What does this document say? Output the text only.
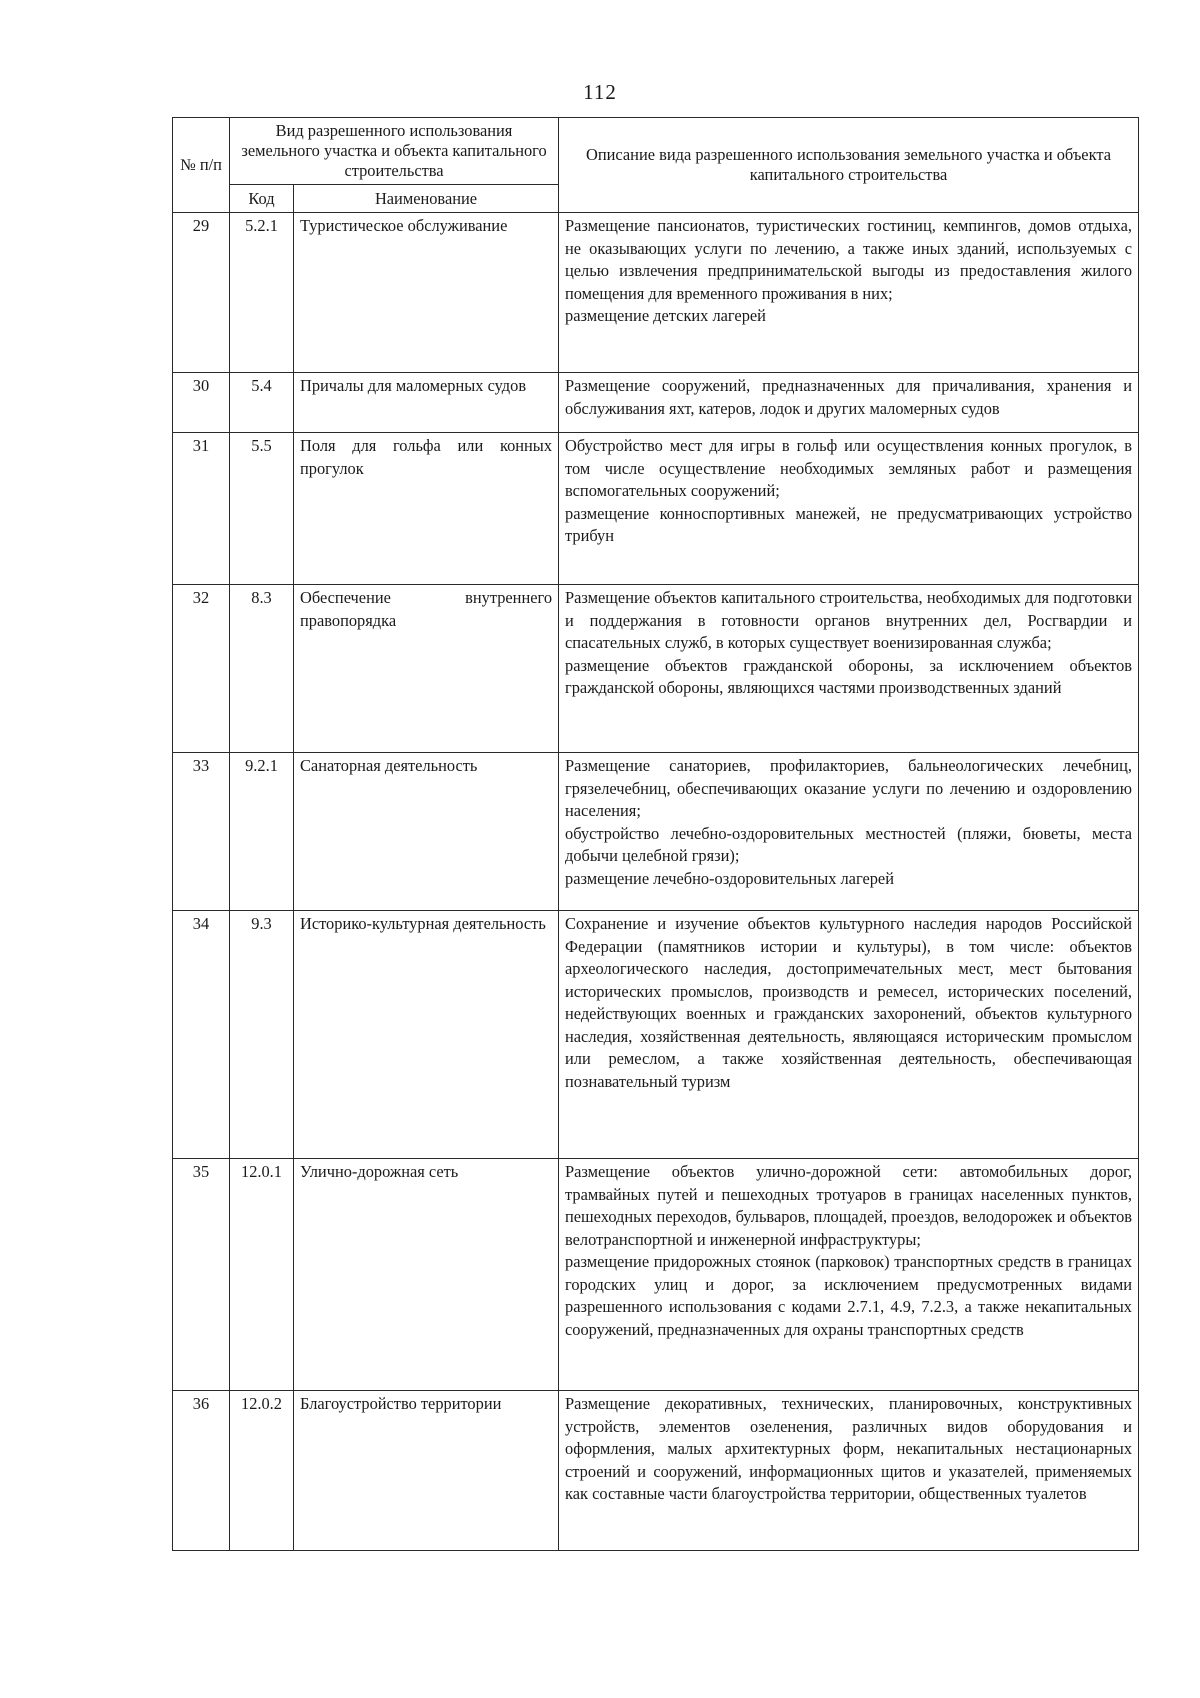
112
№ п/п	Вид разрешенного использования земельного участка и объекта капитального строительства		Описание вида разрешенного использования земельного участка и объекта капитального строительства
	Код	Наименование	
29	5.2.1	Туристическое обслуживание	Размещение пансионатов, туристических гостиниц, кемпингов, домов отдыха, не оказывающих услуги по лечению, а также иных зданий, используемых с целью извлечения предпринимательской выгоды из предоставления жилого помещения для временного проживания в них;
размещение детских лагерей

30	5.4	Причалы для маломерных судов	Размещение сооружений, предназначенных для причаливания, хранения и обслуживания яхт, катеров, лодок и других маломерных судов

31	5.5	Поля для гольфа или конных прогулок	Обустройство мест для игры в гольф или осуществления конных прогулок, в том числе осуществление необходимых земляных работ и размещения вспомогательных сооружений;
размещение конноспортивных манежей, не предусматривающих устройство трибун

32	8.3	Обеспечение внутреннего правопорядка	Размещение объектов капитального строительства, необходимых для подготовки и поддержания в готовности органов внутренних дел, Росгвардии и спасательных служб, в которых существует военизированная служба;
размещение объектов гражданской обороны, за исключением объектов гражданской обороны, являющихся частями производственных зданий

33	9.2.1	Санаторная деятельность	Размещение санаториев, профилакториев, бальнеологических лечебниц, грязелечебниц, обеспечивающих оказание услуги по лечению и оздоровлению населения;
обустройство лечебно-оздоровительных местностей (пляжи, бюветы, места добычи целебной грязи);
размещение лечебно-оздоровительных лагерей

34	9.3	Историко-культурная деятельность	Сохранение и изучение объектов культурного наследия народов Российской Федерации (памятников истории и культуры), в том числе: объектов археологического наследия, достопримечательных мест, мест бытования исторических промыслов, производств и ремесел, исторических поселений, недействующих военных и гражданских захоронений, объектов культурного наследия, хозяйственная деятельность, являющаяся историческим промыслом или ремеслом, а также хозяйственная деятельность, обеспечивающая познавательный туризм

35	12.0.1	Улично-дорожная сеть	Размещение объектов улично-дорожной сети: автомобильных дорог, трамвайных путей и пешеходных тротуаров в границах населенных пунктов, пешеходных переходов, бульваров, площадей, проездов, велодорожек и объектов велотранспортной и инженерной инфраструктуры;
размещение придорожных стоянок (парковок) транспортных средств в границах городских улиц и дорог, за исключением предусмотренных видами разрешенного использования с кодами 2.7.1, 4.9, 7.2.3, а также некапитальных сооружений, предназначенных для охраны транспортных средств

36	12.0.2	Благоустройство территории	Размещение декоративных, технических, планировочных, конструктивных устройств, элементов озеленения, различных видов оборудования и оформления, малых архитектурных форм, некапитальных нестационарных строений и сооружений, информационных щитов и указателей, применяемых как составные части благоустройства территории, общественных туалетов
